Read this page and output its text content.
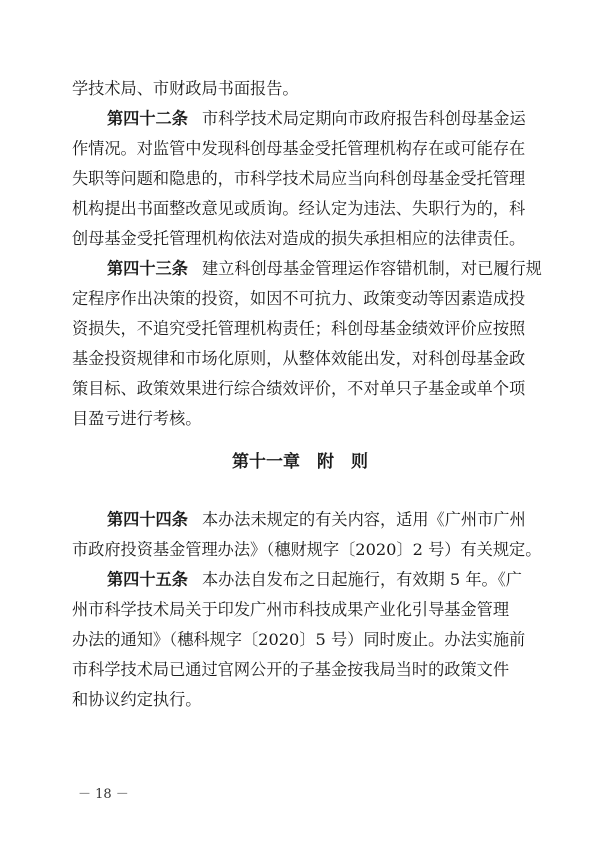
学技术局、市财政局书面报告。
第四十二条 市科学技术局定期向市政府报告科创母基金运
作情况。对监管中发现科创母基金受托管理机构存在或可能存在
失职等问题和隐患的，市科学技术局应当向科创母基金受托管理
机构提出书面整改意见或质询。经认定为违法、失职行为的，科
创母基金受托管理机构依法对造成的损失承担相应的法律责任。
第四十三条 建立科创母基金管理运作容错机制，对已履行规
定程序作出决策的投资，如因不可抗力、政策变动等因素造成投
资损失，不追究受托管理机构责任；科创母基金绩效评价应按照
基金投资规律和市场化原则，从整体效能出发，对科创母基金政
策目标、政策效果进行综合绩效评价，不对单只子基金或单个项
目盈亏进行考核。
第十一章　附　则
第四十四条 本办法未规定的有关内容，适用《广州市广州
市政府投资基金管理办法》（穗财规字〔2020〕2 号）有关规定。
第四十五条 本办法自发布之日起施行，有效期 5 年。《广
州市科学技术局关于印发广州市科技成果产业化引导基金管理
办法的通知》（穗科规字〔2020〕5 号）同时废止。办法实施前
市科学技术局已通过官网公开的子基金按我局当时的政策文件
和协议约定执行。
－ 18 －
